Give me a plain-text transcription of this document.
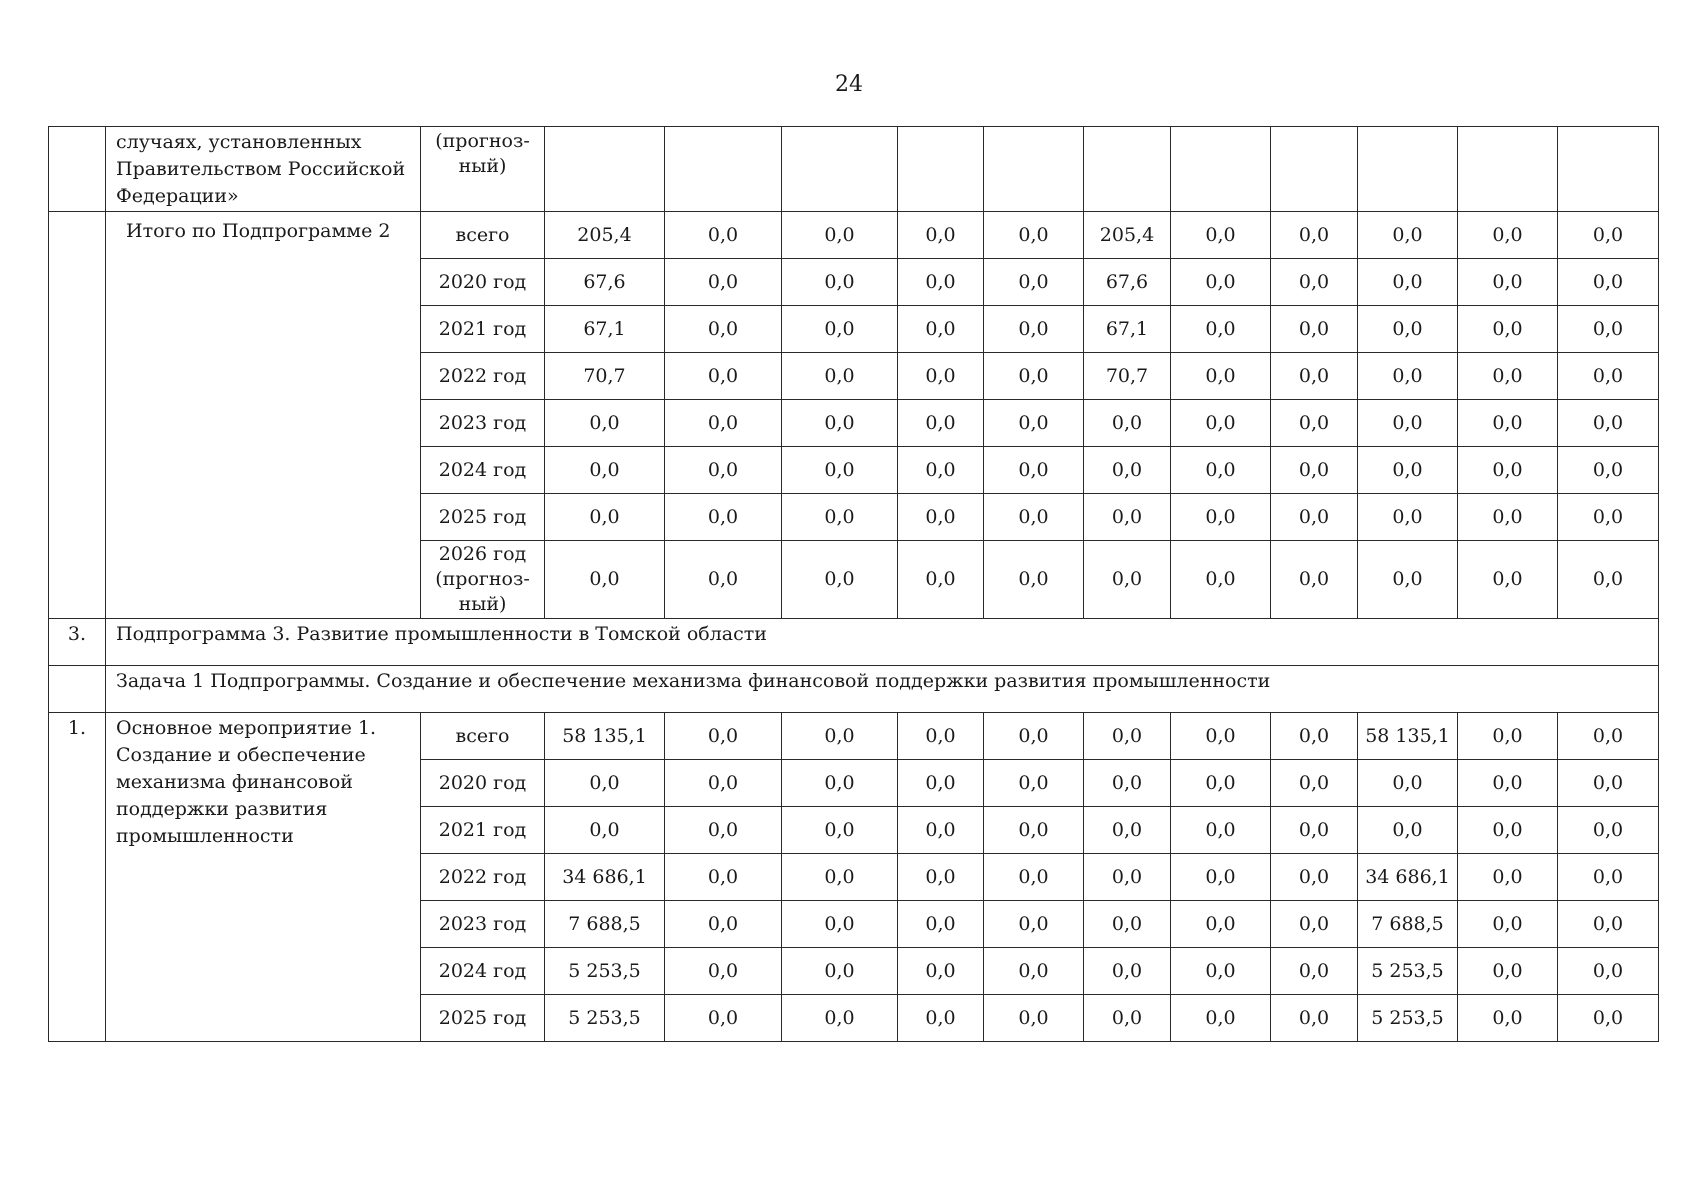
24
	случаях, установленных Правительством Российской Федерации»	(прогноз-ный)											
	Итого по Подпрограмме 2	всего	205,4	0,0	0,0	0,0	0,0	205,4	0,0	0,0	0,0	0,0	0,0
		2020 год	67,6	0,0	0,0	0,0	0,0	67,6	0,0	0,0	0,0	0,0	0,0
		2021 год	67,1	0,0	0,0	0,0	0,0	67,1	0,0	0,0	0,0	0,0	0,0
		2022 год	70,7	0,0	0,0	0,0	0,0	70,7	0,0	0,0	0,0	0,0	0,0
		2023 год	0,0	0,0	0,0	0,0	0,0	0,0	0,0	0,0	0,0	0,0	0,0
		2024 год	0,0	0,0	0,0	0,0	0,0	0,0	0,0	0,0	0,0	0,0	0,0
		2025 год	0,0	0,0	0,0	0,0	0,0	0,0	0,0	0,0	0,0	0,0	0,0
		2026 год (прогноз-ный)	0,0	0,0	0,0	0,0	0,0	0,0	0,0	0,0	0,0	0,0	0,0
3.	Подпрограмма 3. Развитие промышленности в Томской области												
	Задача 1 Подпрограммы. Создание и обеспечение механизма финансовой поддержки развития промышленности												
1.	Основное мероприятие 1. Создание и обеспечение механизма финансовой поддержки развития промышленности	всего	58 135,1	0,0	0,0	0,0	0,0	0,0	0,0	0,0	58 135,1	0,0	0,0
		2020 год	0,0	0,0	0,0	0,0	0,0	0,0	0,0	0,0	0,0	0,0	0,0
		2021 год	0,0	0,0	0,0	0,0	0,0	0,0	0,0	0,0	0,0	0,0	0,0
		2022 год	34 686,1	0,0	0,0	0,0	0,0	0,0	0,0	0,0	34 686,1	0,0	0,0
		2023 год	7 688,5	0,0	0,0	0,0	0,0	0,0	0,0	0,0	7 688,5	0,0	0,0
		2024 год	5 253,5	0,0	0,0	0,0	0,0	0,0	0,0	0,0	5 253,5	0,0	0,0
		2025 год	5 253,5	0,0	0,0	0,0	0,0	0,0	0,0	0,0	5 253,5	0,0	0,0
